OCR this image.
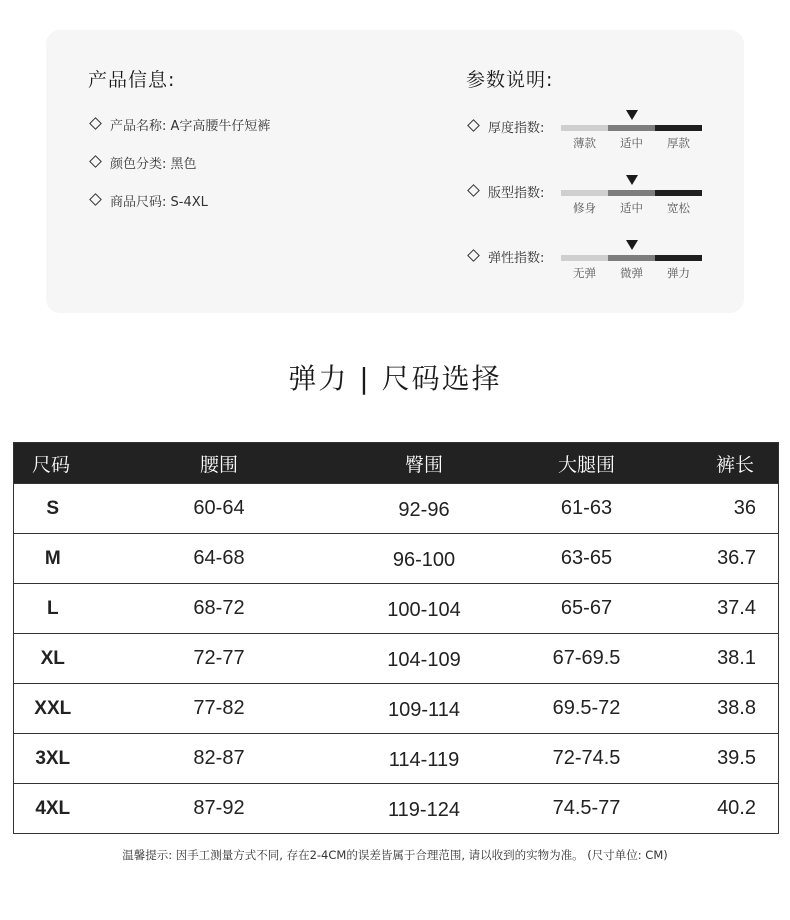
产品信息:
产品名称: A字高腰牛仔短裤
颜色分类: 黑色
商品尺码: S-4XL
参数说明:
厚度指数:
薄款	适中	厚款
版型指数:
修身	适中	宽松
弹性指数:
无弹	微弹	弹力
弹力 | 尺码选择
尺码	腰围	臀围	大腿围	裤长
S	60-64	92-96	61-63	36
M	64-68	96-100	63-65	36.7
L	68-72	100-104	65-67	37.4
XL	72-77	104-109	67-69.5	38.1
XXL	77-82	109-114	69.5-72	38.8
3XL	82-87	114-119	72-74.5	39.5
4XL	87-92	119-124	74.5-77	40.2
温馨提示: 因手工测量方式不同, 存在2-4CM的误差皆属于合理范围, 请以收到的实物为准。 (尺寸单位: CM)
